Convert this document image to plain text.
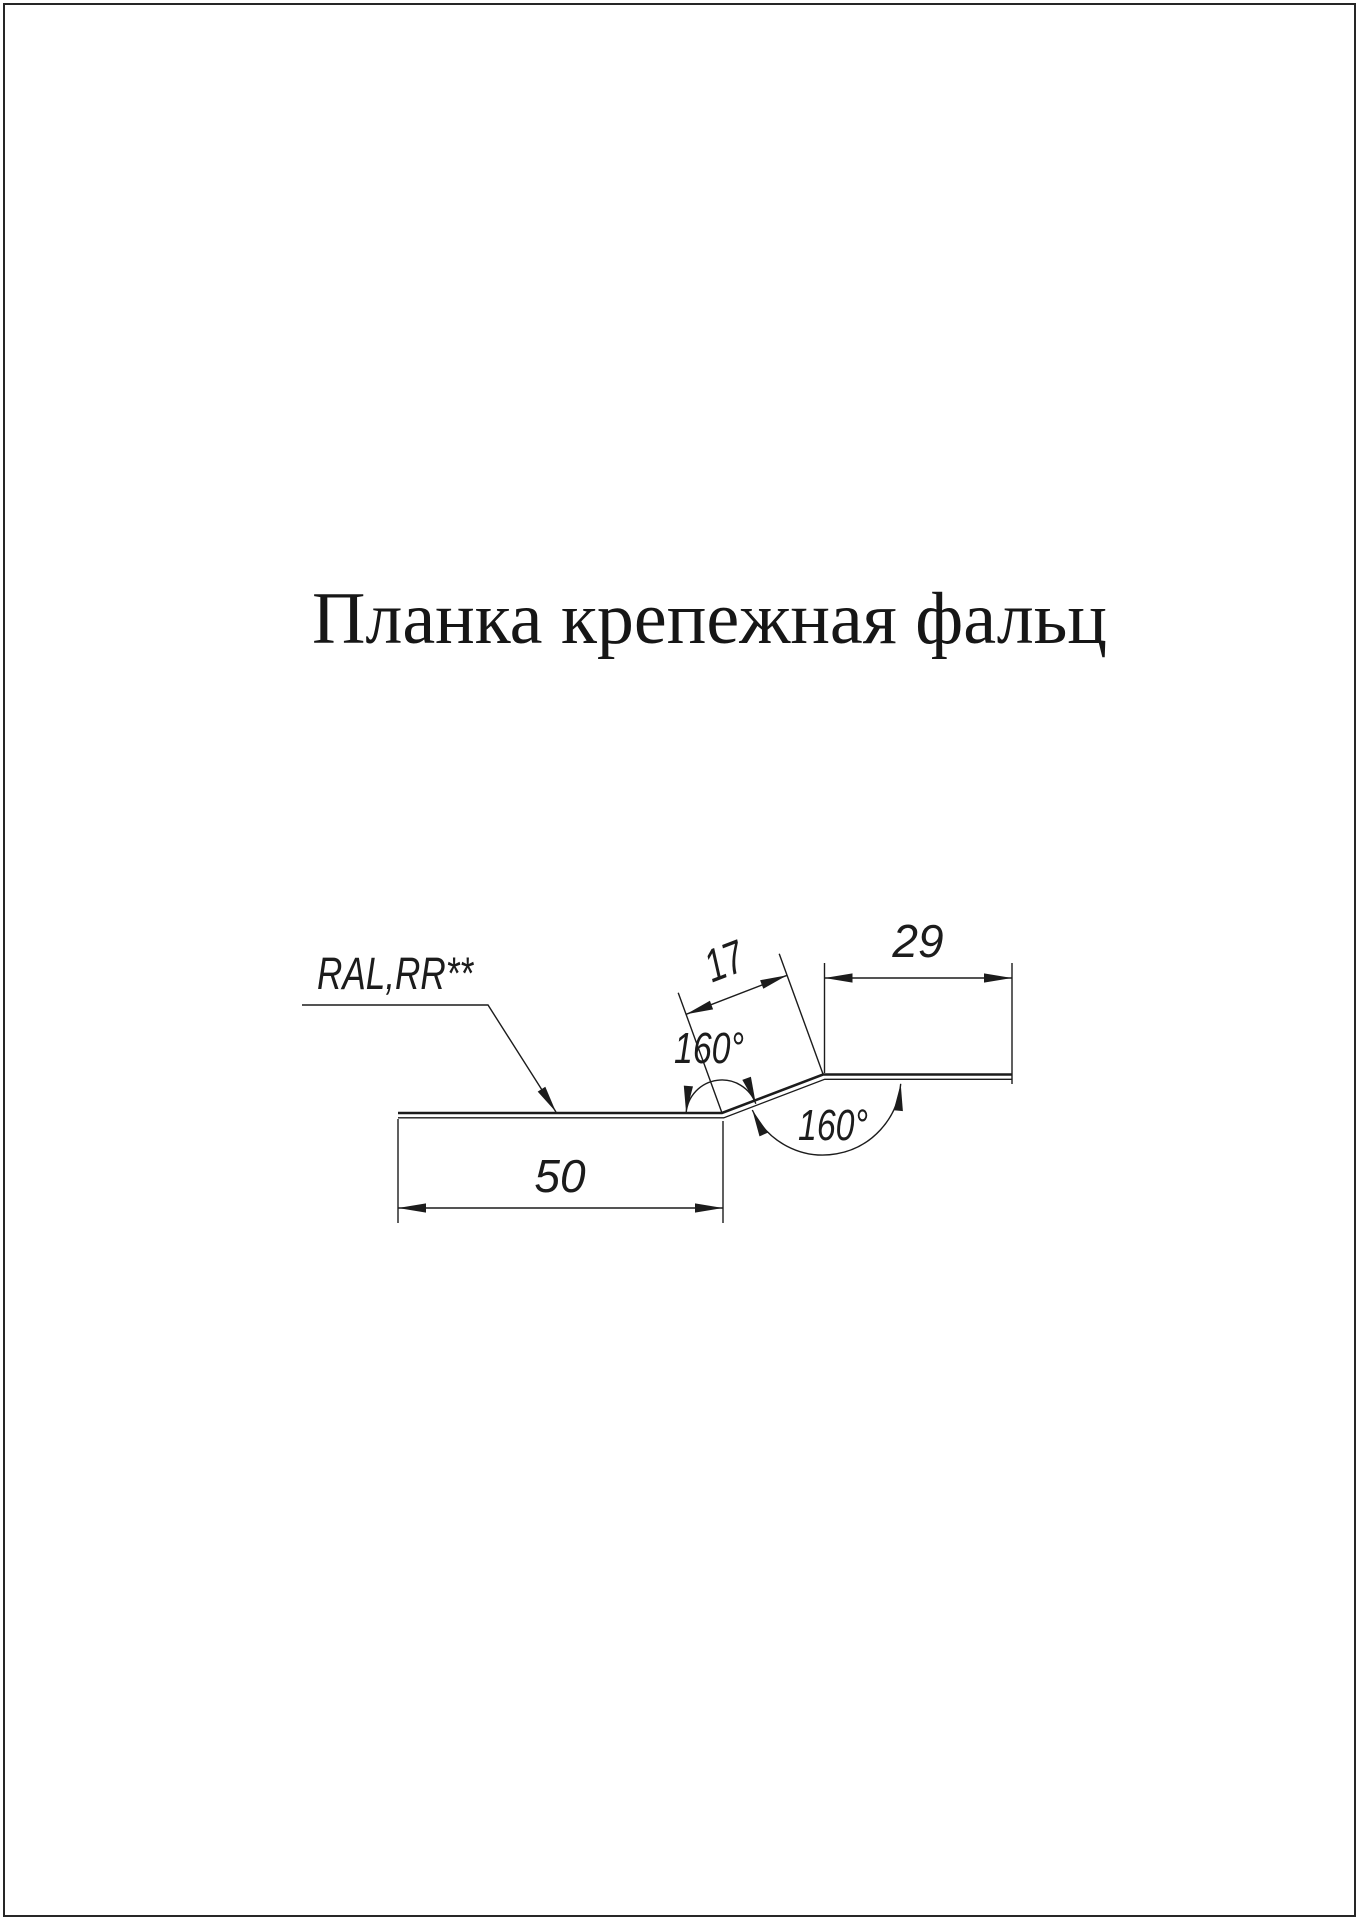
Планка крепежная фальц
RAL,RR**
50
29
17
160°
160°
